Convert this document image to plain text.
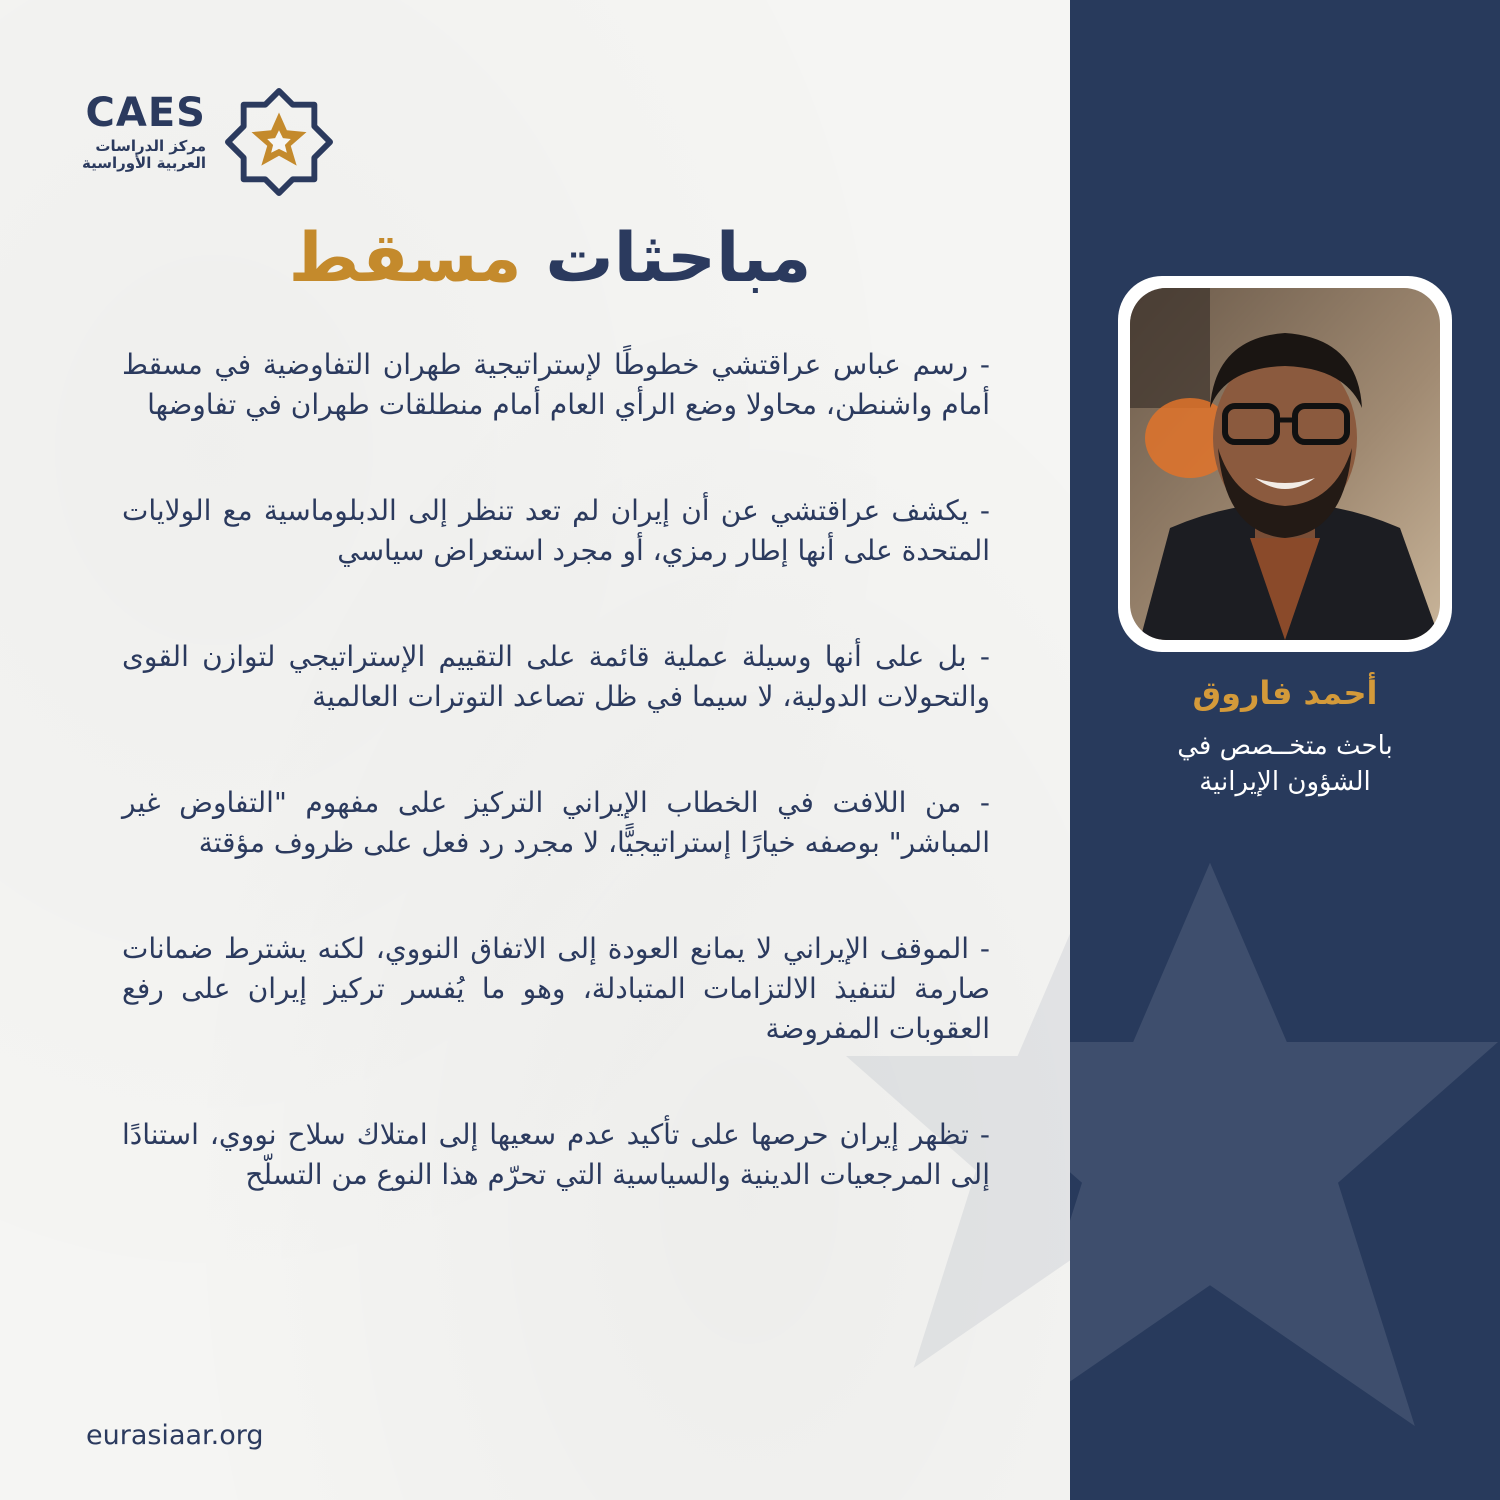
CAES
مركز الدراسات
العربية الأوراسية
مباحثات مسقط

- رسم عباس عراقتشي خطوطًا لإستراتيجية طهران التفاوضية في مسقط أمام واشنطن، محاولا وضع الرأي العام أمام منطلقات طهران في تفاوضها

- يكشف عراقتشي عن أن إيران لم تعد تنظر إلى الدبلوماسية مع الولايات المتحدة على أنها إطار رمزي، أو مجرد استعراض سياسي

- بل على أنها وسيلة عملية قائمة على التقييم الإستراتيجي لتوازن القوى والتحولات الدولية، لا سيما في ظل تصاعد التوترات العالمية

- من اللافت في الخطاب الإيراني التركيز على مفهوم "التفاوض غير المباشر" بوصفه خيارًا إستراتيجيًّا، لا مجرد رد فعل على ظروف مؤقتة

- الموقف الإيراني لا يمانع العودة إلى الاتفاق النووي، لكنه يشترط ضمانات صارمة لتنفيذ الالتزامات المتبادلة، وهو ما يُفسر تركيز إيران على رفع العقوبات المفروضة

- تظهر إيران حرصها على تأكيد عدم سعيها إلى امتلاك سلاح نووي، استنادًا إلى المرجعيات الدينية والسياسية التي تحرّم هذا النوع من التسلّح

eurasiaar.org
أحمد فاروق
باحث متخــصص في
الشؤون الإيرانية
